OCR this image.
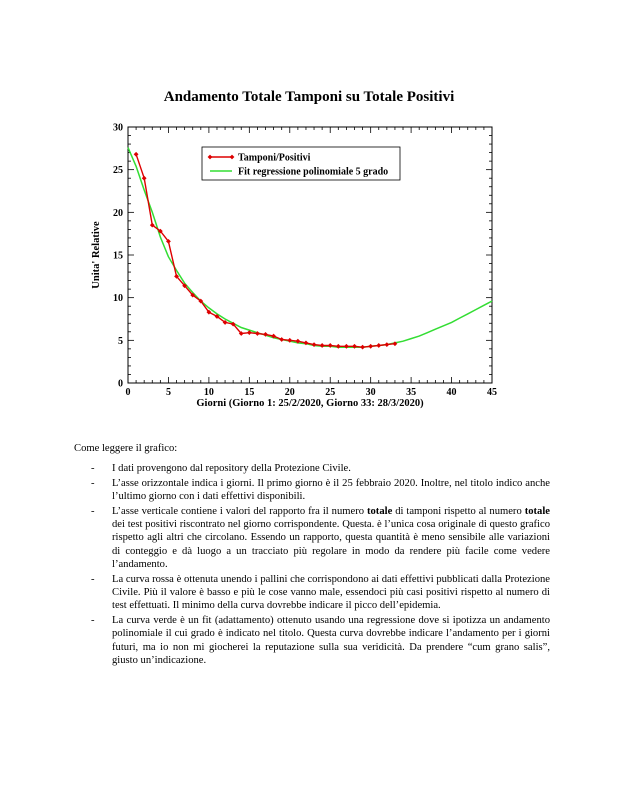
Andamento Totale Tamponi su Totale Positivi
Tamponi/Positivi
Fit regressione polinomiale 5 grado
0	5	10	15	20	25	30	35	40	45
0
5
10
15
20
25
30
Giorni (Giorno 1: 25/2/2020, Giorno 33: 28/3/2020)
Unita' Relative

Come leggere il grafico:

- I dati provengono dal repository della Protezione Civile.
- L’asse orizzontale indica i giorni. Il primo giorno è il 25 febbraio 2020. Inoltre, nel titolo indico anche l’ultimo giorno con i dati effettivi disponibili.
- L’asse verticale contiene i valori del rapporto fra il numero totale di tamponi rispetto al numero totale dei test positivi riscontrato nel giorno corrispondente. Questa. è l’unica cosa originale di questo grafico rispetto agli altri che circolano. Essendo un rapporto, questa quantità è meno sensibile alle variazioni di conteggio e dà luogo a un tracciato più regolare in modo da rendere più facile come vedere l’andamento.
- La curva rossa è ottenuta unendo i pallini che corrispondono ai dati effettivi pubblicati dalla Protezione Civile. Più il valore è basso e più le cose vanno male, essendoci più casi positivi rispetto al numero di test effettuati. Il minimo della curva dovrebbe indicare il picco dell’epidemia.
- La curva verde è un fit (adattamento) ottenuto usando una regressione dove si ipotizza un andamento polinomiale il cui grado è indicato nel titolo. Questa curva dovrebbe indicare l’andamento per i giorni futuri, ma io non mi giocherei la reputazione sulla sua veridicità. Da prendere “cum grano salis”, giusto un’indicazione.
